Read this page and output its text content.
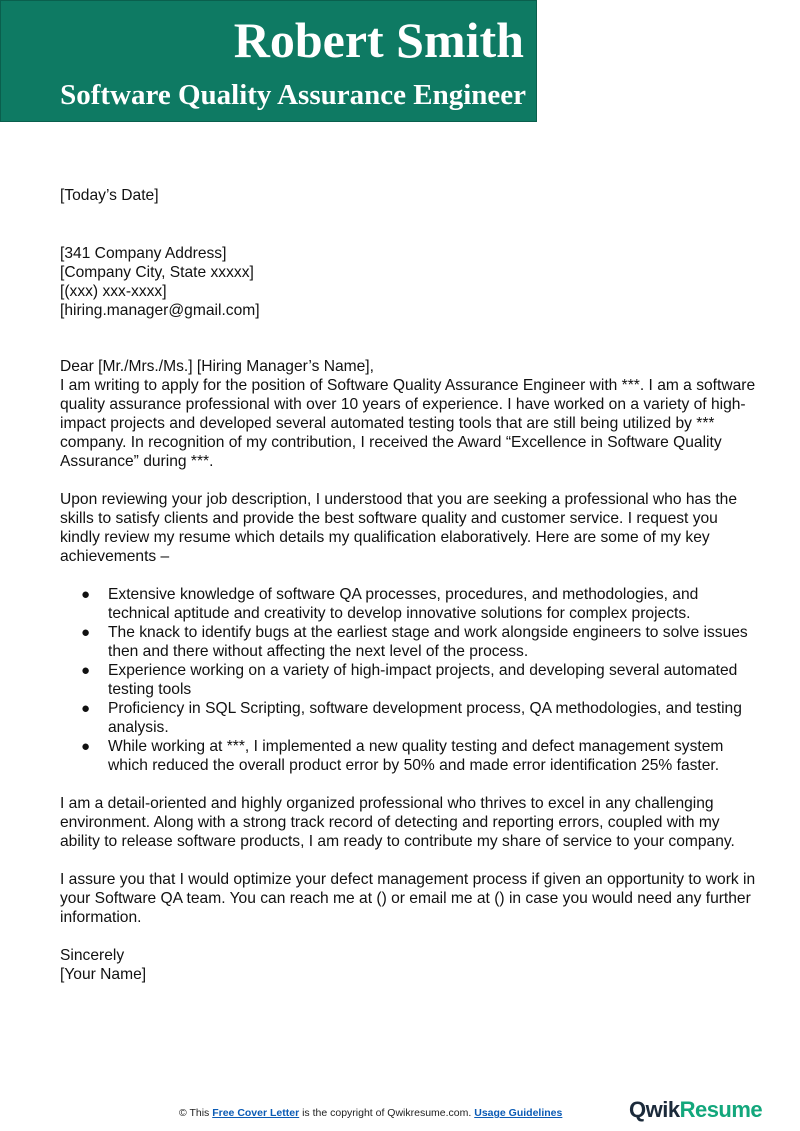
Robert Smith
Software Quality Assurance Engineer

[Today’s Date]

[341 Company Address]

[Company City, State xxxxx]

[(xxx) xxx-xxxx]

[hiring.manager@gmail.com]

Dear [Mr./Mrs./Ms.] [Hiring Manager’s Name],

I am writing to apply for the position of Software Quality Assurance Engineer with ***. I am a software quality assurance professional with over 10 years of experience. I have worked on a variety of high-impact projects and developed several automated testing tools that are still being utilized by *** company. In recognition of my contribution, I received the Award “Excellence in Software Quality Assurance” during ***.

Upon reviewing your job description, I understood that you are seeking a professional who has the skills to satisfy clients and provide the best software quality and customer service. I request you kindly review my resume which details my qualification elaboratively. Here are some of my key achievements –

● Extensive knowledge of software QA processes, procedures, and methodologies, and technical aptitude and creativity to develop innovative solutions for complex projects.
● The knack to identify bugs at the earliest stage and work alongside engineers to solve issues then and there without affecting the next level of the process.
● Experience working on a variety of high-impact projects, and developing several automated testing tools
● Proficiency in SQL Scripting, software development process, QA methodologies, and testing analysis.
● While working at ***, I implemented a new quality testing and defect management system which reduced the overall product error by 50% and made error identification 25% faster.

I am a detail-oriented and highly organized professional who thrives to excel in any challenging environment. Along with a strong track record of detecting and reporting errors, coupled with my ability to release software products, I am ready to contribute my share of service to your company.

I assure you that I would optimize your defect management process if given an opportunity to work in your Software QA team. You can reach me at () or email me at () in case you would need any further information.

Sincerely

[Your Name]

© This Free Cover Letter is the copyright of Qwikresume.com. Usage Guidelines	QwikResume
